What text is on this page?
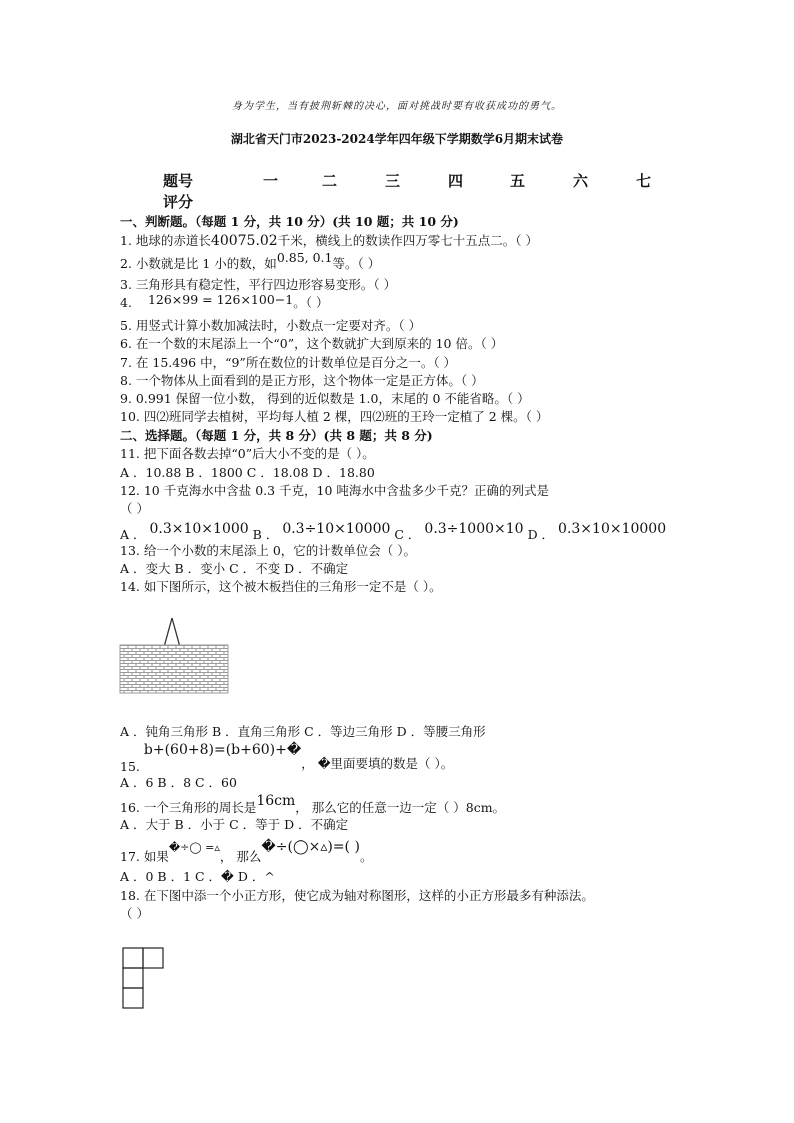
身为学生，当有披荆斩棘的决心，面对挑战时要有收获成功的勇气。
湖北省天门市2023-2024学年四年级下学期数学6月期末试卷
题号	一	二	三	四	五	六	七
评分
一、判断题。（每题 1 分，共 10 分）(共 10 题；共 10 分)
1. 地球的赤道长40075.02千米，横线上的数读作四万零七十五点二。（ ）
2. 小数就是比 1 小的数，如0.85, 0.1等。（ ）
3. 三角形具有稳定性，平行四边形容易变形。（ ）
4. 126×99 = 126×100−1。（ ）
5. 用竖式计算小数加减法时，小数点一定要对齐。（ ）
6. 在一个数的末尾添上一个“0”，这个数就扩大到原来的 10 倍。（ ）
7. 在 15.496 中，“9”所在数位的计数单位是百分之一。（ ）
8. 一个物体从上面看到的是正方形，这个物体一定是正方体。（ ）
9. 0.991 保留一位小数， 得到的近似数是 1.0，末尾的 0 不能省略。（ ）
10. 四⑵班同学去植树，平均每人植 2 棵，四⑵班的王玲一定植了 2 棵。（ ）
二、选择题。（每题 1 分，共 8 分）(共 8 题；共 8 分)
11. 把下面各数去掉“0”后大小不变的是（ ）。
A ．10.88 B ．1800 C ．18.08 D ．18.80
12. 10 千克海水中含盐 0.3 千克，10 吨海水中含盐多少千克？正确的列式是
（ ）
A ． 0.3×10×1000 B ． 0.3÷10×10000 C ． 0.3÷1000×10 D ． 0.3×10×10000
13. 给一个小数的末尾添上 0，它的计数单位会（ ）。
A ．变大 B ．变小 C ．不变 D ．不确定
14. 如下图所示，这个被木板挡住的三角形一定不是（ ）。
A ．钝角三角形 B ．直角三角形 C ．等边三角形 D ．等腰三角形
15.b+(60+8)=(b+60)+�， �里面要填的数是（ ）。
A ．6 B ．8 C ．60
16. 一个三角形的周长是16cm， 那么它的任意一边一定（ ）8cm。
A ．大于 B ．小于 C ．等于 D ．不确定
17. 如果�÷◯ =▵， 那么�÷(◯×▵)=( )。
A ．0 B ．1 C ．� D ．^
18. 在下图中添一个小正方形，使它成为轴对称图形，这样的小正方形最多有种添法。
（ ）
